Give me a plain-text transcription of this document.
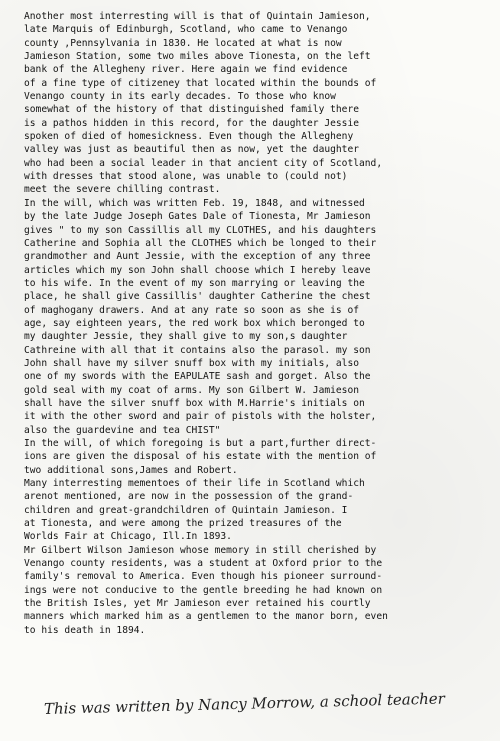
Another most interresting will is that of Quintain Jamieson,
late Marquis of Edinburgh, Scotland, who came to Venango
county ,Pennsylvania in 1830. He located at what is now
Jamieson Station, some two miles above Tionesta, on the left
bank of the Allegheny river. Here again we find evidence
of a fine type of citizeney that located within the bounds of
Venango county in its early decades. To those who know
somewhat of the history of that distinguished family there
is a pathos hidden in this record, for the daughter Jessie
spoken of died of homesickness. Even though the Allegheny
valley was just as beautiful then as now, yet the daughter
who had been a social leader in that ancient city of Scotland,
with dresses that stood alone, was unable to (could not)
meet the severe chilling contrast.
In the will, which was written Feb. 19, 1848, and witnessed
by the late Judge Joseph Gates Dale of Tionesta, Mr Jamieson
gives " to my son Cassillis all my CLOTHES, and his daughters
Catherine and Sophia all the CLOTHES which be longed to their
grandmother and Aunt Jessie, with the exception of any three
articles which my son John shall choose which I hereby leave
to his wife. In the event of my son marrying or leaving the
place, he shall give Cassillis' daughter Catherine the chest
of maghogany drawers. And at any rate so soon as she is of
age, say eighteen years, the red work box which beronged to
my daughter Jessie, they shall give to my son,s daughter
Cathreine with all that it contains also the parasol. my son
John shall have my silver snuff box with my initials, also
one of my swords with the EAPULATE sash and gorget. Also the
gold seal with my coat of arms. My son Gilbert W. Jamieson
shall have the silver snuff box with M.Harrie's initials on
it with the other sword and pair of pistols with the holster,
also the guardevine and tea CHIST"
In the will, of which foregoing is but a part,further direct-
ions are given the disposal of his estate with the mention of
two additional sons,James and Robert.
Many interresting mementoes of their life in Scotland which
arenot mentioned, are now in the possession of the grand-
children and great-grandchildren of Quintain Jamieson. I
at Tionesta, and were among the prized treasures of the
Worlds Fair at Chicago, Ill.In 1893.
Mr Gilbert Wilson Jamieson whose memory in still cherished by
Venango county residents, was a student at Oxford prior to the
family's removal to America. Even though his pioneer surround-
ings were not conducive to the gentle breeding he had known on
the British Isles, yet Mr Jamieson ever retained his courtly
manners which marked him as a gentlemen to the manor born, even
to his death in 1894.
This was written by Nancy Morrow, a school teacher
